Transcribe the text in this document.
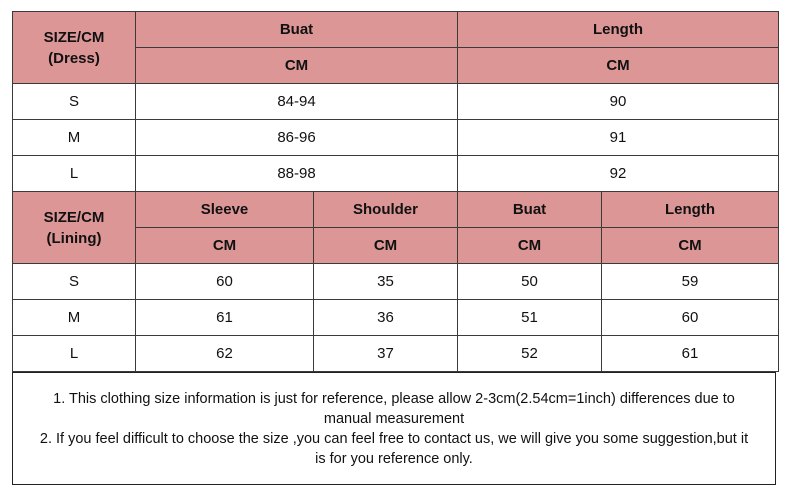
SIZE/CM
(Dress)	Buat		Length	
	CM		CM	
S	84-94		90	
M	86-96		91	
L	88-98		92	
SIZE/CM
(Lining)	Sleeve	Shoulder	Buat	Length
	CM	CM	CM	CM
S	60	35	50	59
M	61	36	51	60
L	62	37	52	61

1. This clothing size information is just for reference, please allow 2-3cm(2.54cm=1inch) differences due to

manual measurement

2. If you feel difficult to choose the size ,you can feel free to contact us, we will give you some suggestion,but it

is for you reference only.
